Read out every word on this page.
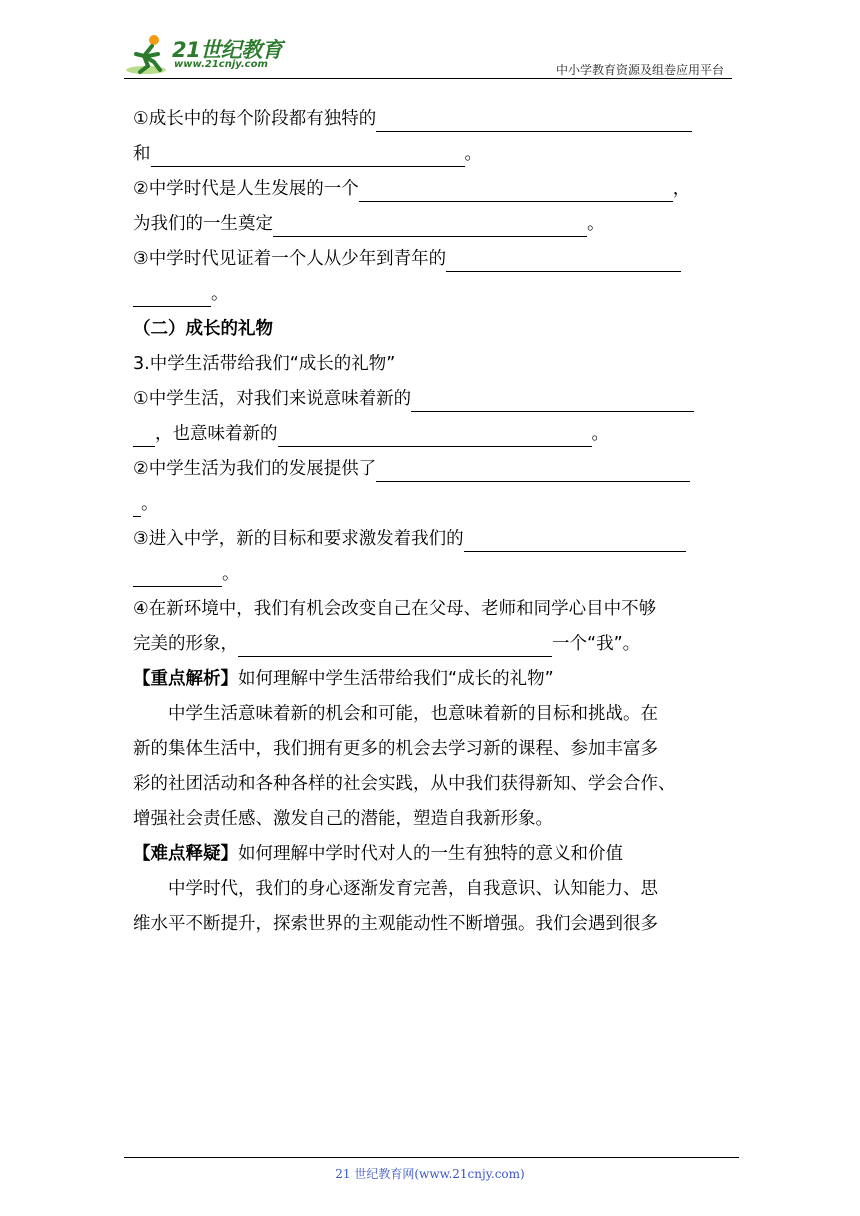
21世纪教育
www.21cnjy.com	中小学教育资源及组卷应用平台
①成长中的每个阶段都有独特的
和	。
②中学时代是人生发展的一个	，
为我们的一生奠定	。
③中学时代见证着一个人从少年到青年的
。
（二）成长的礼物
3.中学生活带给我们“成长的礼物”
①中学生活，对我们来说意味着新的
，也意味着新的	。
②中学生活为我们的发展提供了
。
③进入中学，新的目标和要求激发着我们的
。
④在新环境中，我们有机会改变自己在父母、老师和同学心目中不够
完美的形象，	一个“我”。
【重点解析】 如何理解中学生活带给我们“成长的礼物”
中学生活意味着新的机会和可能，也意味着新的目标和挑战。在
新的集体生活中，我们拥有更多的机会去学习新的课程、参加丰富多
彩的社团活动和各种各样的社会实践，从中我们获得新知、学会合作、
增强社会责任感、激发自己的潜能，塑造自我新形象。
【难点释疑】 如何理解中学时代对人的一生有独特的意义和价值
中学时代，我们的身心逐渐发育完善，自我意识、认知能力、思
维水平不断提升，探索世界的主观能动性不断增强。我们会遇到很多
21 世纪教育网(www.21cnjy.com)
